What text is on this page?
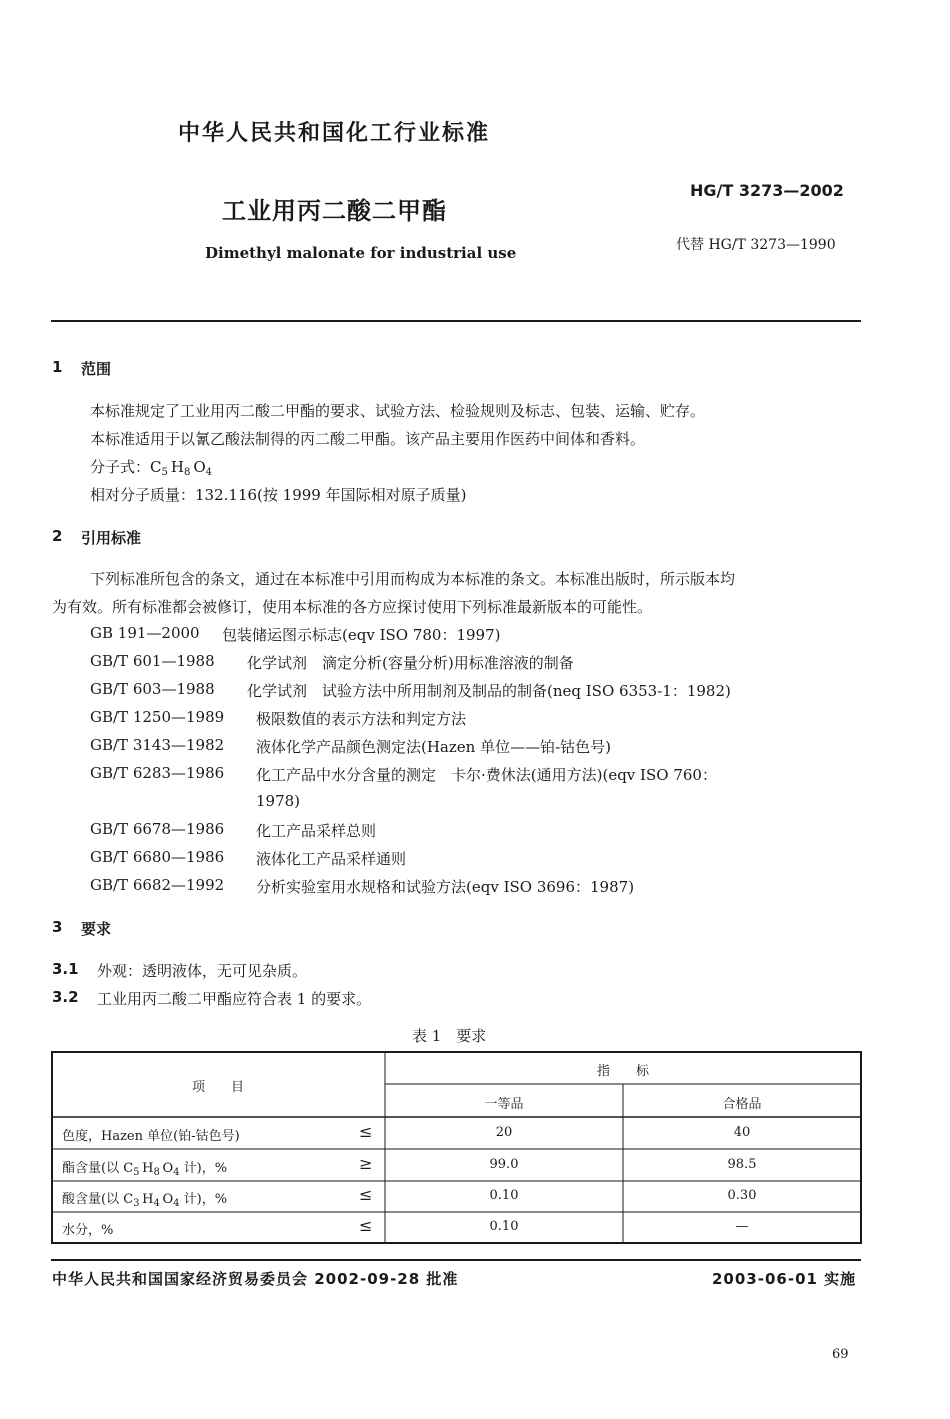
中华人民共和国化工行业标准
HG/T 3273—2002
工业用丙二酸二甲酯
代替 HG/T 3273—1990
Dimethyl malonate for industrial use
1 范围
本标准规定了工业用丙二酸二甲酯的要求、试验方法、检验规则及标志、包装、运输、贮存。
本标准适用于以氰乙酸法制得的丙二酸二甲酯。该产品主要用作医药中间体和香料。
分子式：$C_5$  $H_8$  $O_4$
相对分子质量：132.116(按 1999 年国际相对原子质量)
2 引用标准
下列标准所包含的条文，通过在本标准中引用而构成为本标准的条文。本标准出版时，所示版本均
为有效。所有标准都会被修订，使用本标准的各方应探讨使用下列标准最新版本的可能性。
GB 191—2000 包装储运图示标志(eqv ISO 780：1997)
GB/T 601—1988 化学试剂　滴定分析(容量分析)用标准溶液的制备
GB/T 603—1988 化学试剂　试验方法中所用制剂及制品的制备(neq ISO 6353-1：1982)
GB/T 1250—1989 极限数值的表示方法和判定方法
GB/T 3143—1982 液体化学产品颜色测定法(Hazen 单位——铂-钴色号)
GB/T 6283—1986 化工产品中水分含量的测定　卡尔·费休法(通用方法)(eqv ISO 760：
1978)
GB/T 6678—1986 化工产品采样总则
GB/T 6680—1986 液体化工产品采样通则
GB/T 6682—1992 分析实验室用水规格和试验方法(eqv ISO 3696：1987)
3 要求
3.1 外观：透明液体，无可见杂质。
3.2 工业用丙二酸二甲酯应符合表 1 的要求。
表 1　要求
项　　目
指　　标
一等品	合格品
色度，Hazen 单位(铂-钴色号)	≤	20	40
酯含量(以 $C_5$  $H_8$  $O_4$ 计)，%	≥	99.0	98.5
酸含量(以 $C_3$  $H_4$  $O_4$ 计)，%	≤	0.10	0.30
水分，%	≤	0.10	—
中华人民共和国国家经济贸易委员会 2002-09-28 批准	2003-06-01 实施
69
